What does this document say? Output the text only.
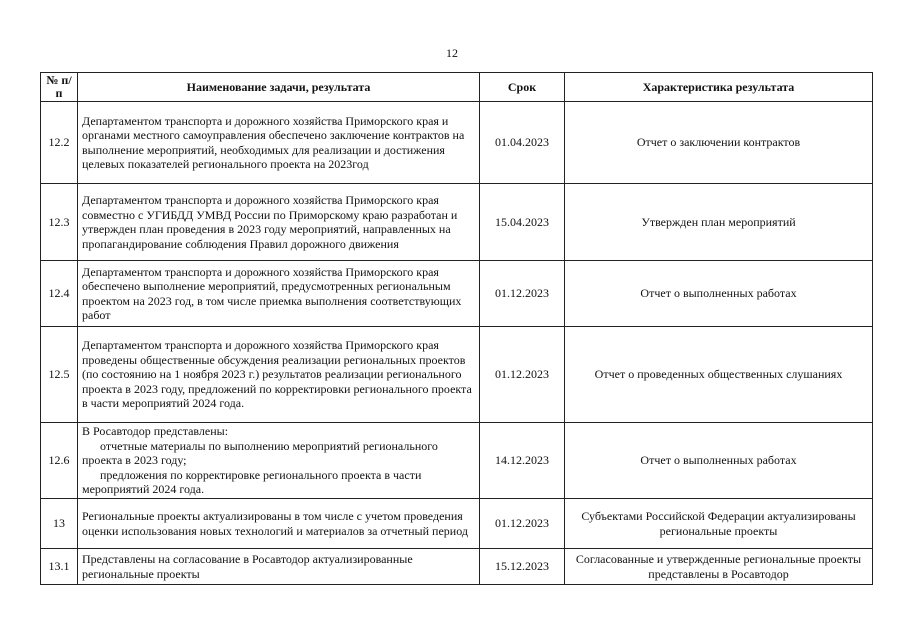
12
№ п/п	Наименование задачи, результата	Срок	Характеристика результата
12.2	Департаментом транспорта и дорожного хозяйства Приморского края и органами местного самоуправления обеспечено заключение контрактов на выполнение мероприятий, необходимых для реализации и достижения целевых показателей регионального проекта на 2023год	01.04.2023	Отчет о заключении контрактов
12.3	Департаментом транспорта и дорожного хозяйства Приморского края совместно с УГИБДД УМВД России по Приморскому краю разработан и утвержден план проведения в 2023 году мероприятий, направленных на пропагандирование соблюдения Правил дорожного движения	15.04.2023	Утвержден план мероприятий
12.4	Департаментом транспорта и дорожного хозяйства Приморского края обеспечено выполнение мероприятий, предусмотренных региональным проектом на 2023 год, в том числе приемка выполнения соответствующих работ	01.12.2023	Отчет о выполненных работах
12.5	Департаментом транспорта и дорожного хозяйства Приморского края проведены общественные обсуждения реализации региональных проектов (по состоянию на 1 ноября 2023 г.) результатов реализации регионального проекта в 2023 году, предложений по корректировки регионального проекта в части мероприятий 2024 года.	01.12.2023	Отчет о проведенных общественных слушаниях
12.6	В Росавтодор представлены:
отчетные материалы по выполнению мероприятий регионального проекта в 2023 году;
предложения по корректировке регионального проекта в части мероприятий 2024 года.	14.12.2023	Отчет о выполненных работах
13	Региональные проекты актуализированы в том числе с учетом проведения оценки использования новых технологий и материалов за отчетный период	01.12.2023	Субъектами Российской Федерации актуализированы региональные проекты
13.1	Представлены на согласование в Росавтодор актуализированные региональные проекты	15.12.2023	Согласованные и утвержденные региональные проекты представлены в Росавтодор
